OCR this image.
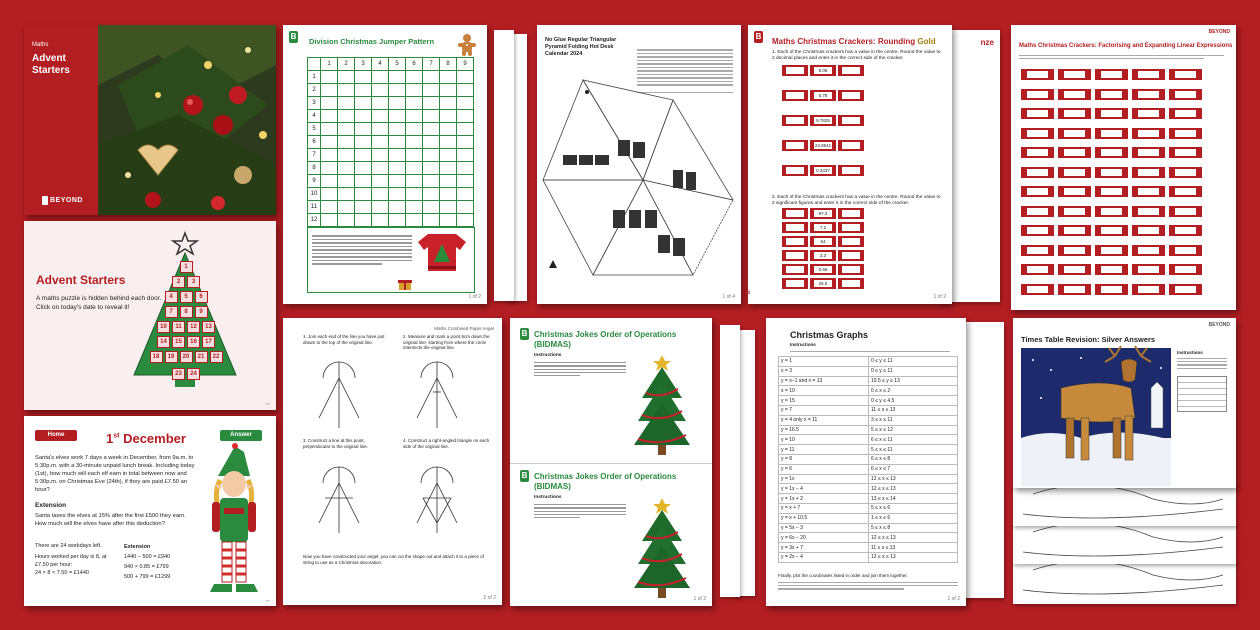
Maths
Advent
Starters
BEYOND
Advent Starters
A maths puzzle is hidden behind each door.
Click on today's date to reveal it!
1
2	3
4	5	6
7	8	9
10	11	12	13
14	15	16	17
18	19	20	21	22
23	24
▪▪▪
Home	Answer
1st December
Santa's elves work 7 days a week in December, from 9a.m. to 5:30p.m. with a 30-minute unpaid lunch break. Including today (1st), how much will each elf earn in total between now and 5:30p.m. on Christmas Eve (24th), if they are paid £7.50 an hour?
Extension
Santa taxes the elves at 15% after the first £500 they earn. How much will the elves have after this deduction?
There are 24 workdays left.
Hours worked per day is 8, at £7.50 per hour:
24 × 8 × 7.50 = £1440
Extension
1440 − 500 = £940
940 × 0.85 = £799
500 + 799 = £1299
▪▪▪
B
Division Christmas Jumper Pattern
	1	2	3	4	5	6	7	8	9
1									
2									
3									
4									
5									
6									
7									
8									
9									
10									
11									
12									
1 of 2
No Glue Regular Triangular Pyramid Folding Hot Desk Calendar 2024
1 of 4
nze
B
Maths Christmas Crackers: Rounding Gold
1. Each of the Christmas crackers has a value in the centre. Round the value to 2 decimal places and enter it in the correct side of the cracker.
6.05
5.78
9.7825
24.9541
0.3437
2. Each of the Christmas crackers has a value in the centre. Round the value to 2 significant figures and enter it in the correct side of the cracker.
87.2
7.2
54
3.3
0.66
26.5
B
1 of 2
BEYOND
Maths Christmas Crackers: Factorising and Expanding Linear Expressions
Maths Combined Paper Angel
1. Join each end of the line you have just drawn to the top of the original line.
2. Measure and mark a point 6cm down the original line, starting from where the circle intersects the original line.
3. Construct a line at this point, perpendicular to the original line.
4. Construct a right-angled triangle on each side of the original line.
Now you have constructed your angel, you can cut the shape out and attach it to a piece of string to use as a Christmas decoration.
2 of 2
B Christmas Jokes Order of Operations (BIDMAS)
Instructions
B Christmas Jokes Order of Operations (BIDMAS)
Instructions
1 of 2
Christmas Graphs
Instructions
y = 1	0 ≤ y ≤ 11
x = 3	0 ≤ y ≤ 11
y = x−1 and x = 13	10.5 ≤ y ≤ 13
x = 10	0 ≤ x ≤ 2
y = 15	0 ≤ y ≤ 4.5
y = 7	11 ≤ x ≤ 13
y = 4 only x = 11	3 ≤ x ≤ 11
y = 16.5	5 ≤ x ≤ 12
y = 10	6 ≤ x ≤ 11
y = 11	5 ≤ x ≤ 11
y = 8	6 ≤ x ≤ 8
y = 6	6 ≤ x ≤ 7
y = 1x	12 ≤ x ≤ 13
y = 1x − 4	12 ≤ x ≤ 13
y = 1x + 2	13 ≤ x ≤ 14
y = x + 7	5 ≤ x ≤ 6
y = x + 10.5	1 ≤ x ≤ 6
y = 5x − 3	5 ≤ x ≤ 8
y = 6x − 20	12 ≤ x ≤ 13
y = 3x + 7	11 ≤ x ≤ 13
y = 2x − 4	12 ≤ x ≤ 13
Finally, plot the coordinates listed in order and join them together:
1 of 2
BEYOND
Times Table Revision: Silver Answers
Instructions
